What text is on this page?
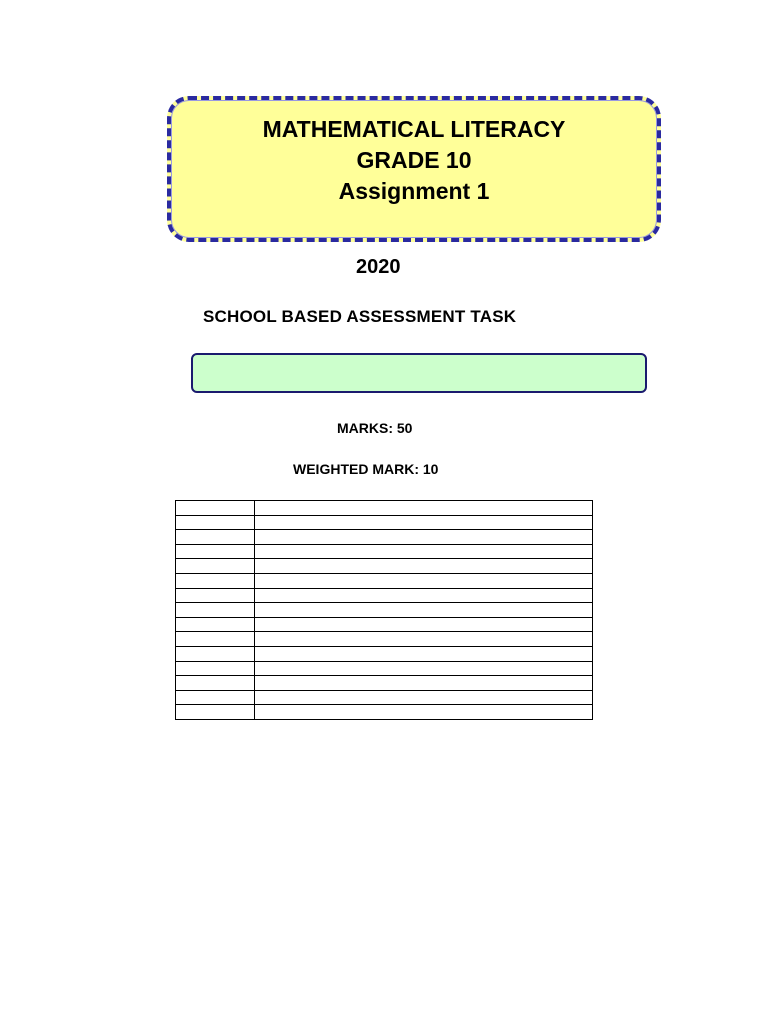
MATHEMATICAL LITERACY
GRADE 10
Assignment 1
2020
SCHOOL BASED ASSESSMENT TASK
MARKS: 50
WEIGHTED MARK: 10
